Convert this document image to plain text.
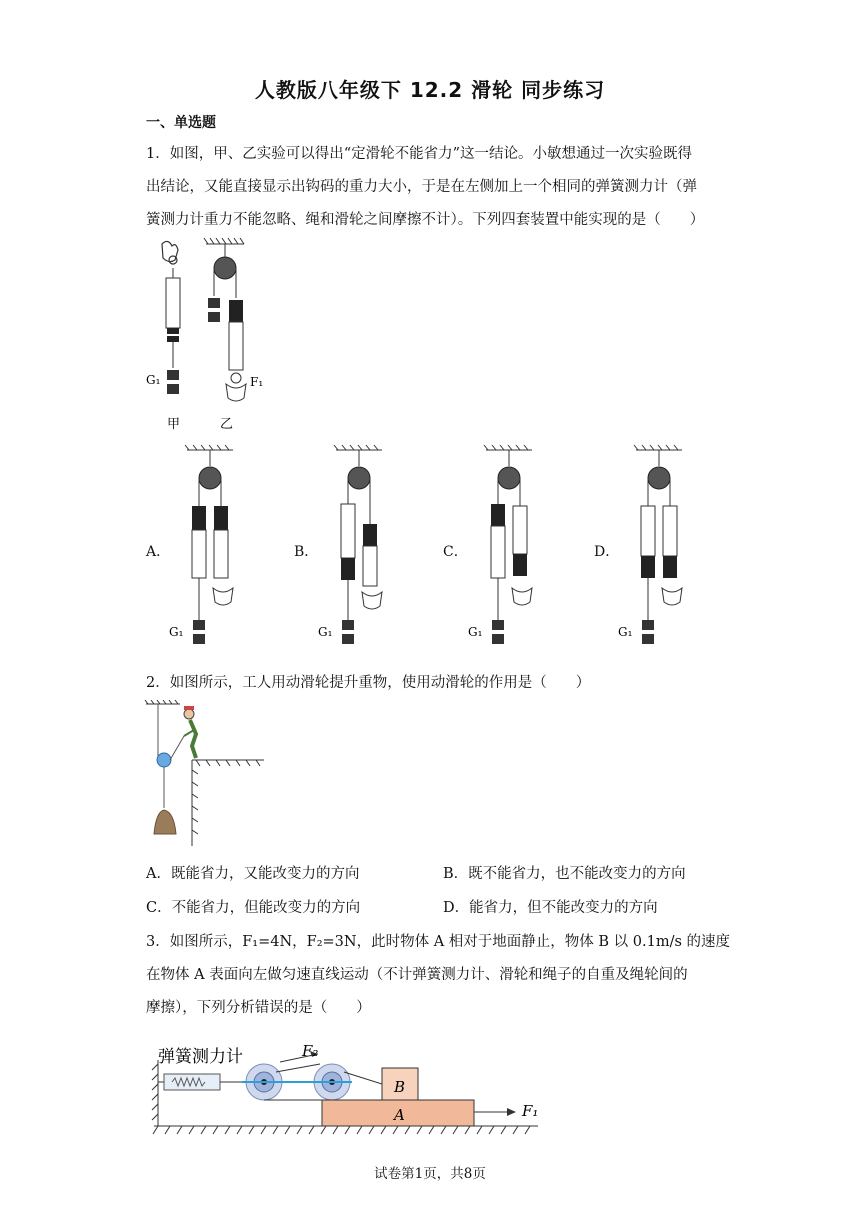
人教版八年级下 12.2 滑轮 同步练习
一、单选题
1．如图，甲、乙实验可以得出“定滑轮不能省力”这一结论。小敏想通过一次实验既得
出结论，又能直接显示出钩码的重力大小，于是在左侧加上一个相同的弹簧测力计（弹
簧测力计重力不能忽略、绳和滑轮之间摩擦不计）。下列四套装置中能实现的是（　　）
G₁
甲
F₁
乙
A．	B．	C．	D．
G₁	G₁	G₁	G₁
2．如图所示，工人用动滑轮提升重物，使用动滑轮的作用是（　　）
A．既能省力，又能改变力的方向	B．既不能省力，也不能改变力的方向
C．不能省力，但能改变力的方向	D．能省力，但不能改变力的方向
3．如图所示，F₁=4N，F₂=3N，此时物体 A 相对于地面静止，物体 B 以 0.1m/s 的速度
在物体 A 表面向左做匀速直线运动（不计弹簧测力计、滑轮和绳子的自重及绳轮间的
摩擦），下列分析错误的是（　　）
弹簧测力计	F₂
B
A	F₁
试卷第1页，共8页
